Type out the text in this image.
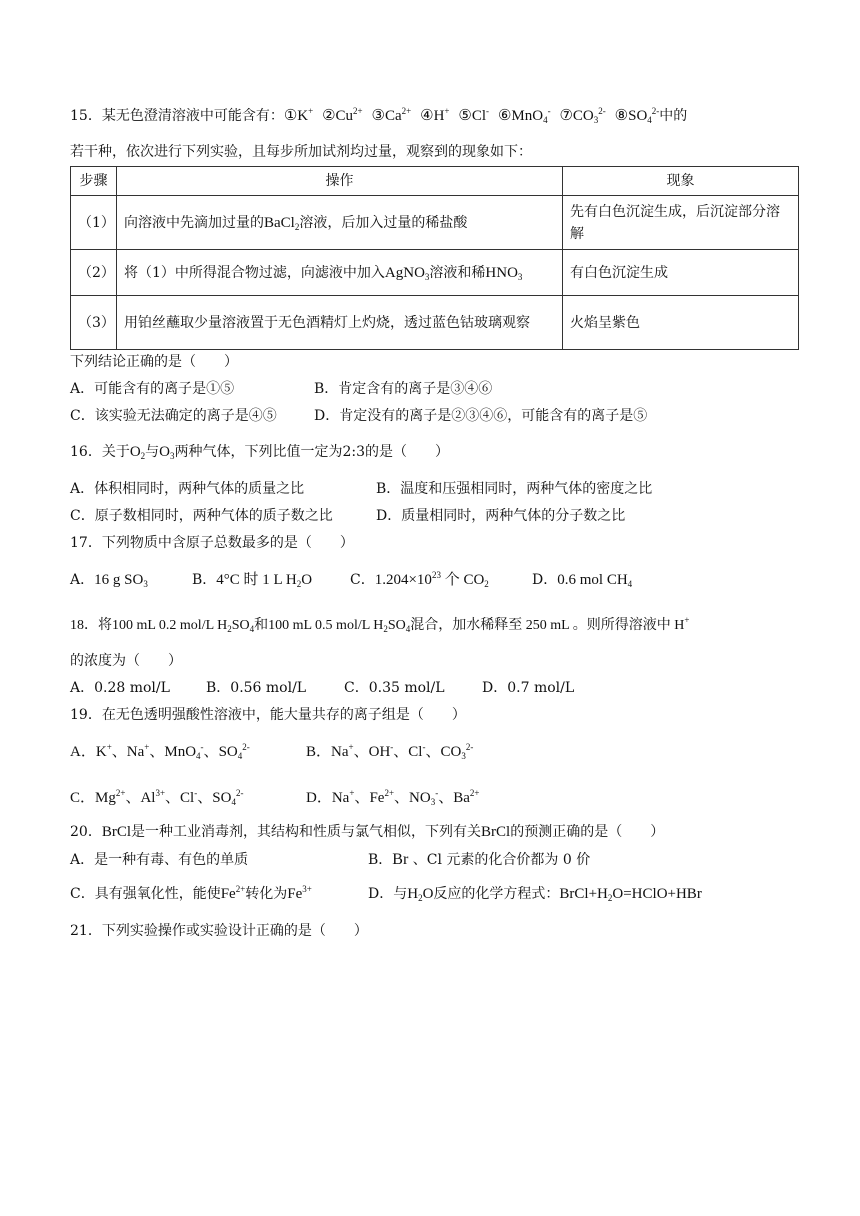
15．某无色澄清溶液中可能含有：①K+ $②Cu^{2+}$ $③Ca^{2+}$ ④H+ ⑤Cl- ⑥MnO$_4$- $⑦CO_3^{2-}$ $⑧SO_4^{2-}$中的
若干种，依次进行下列实验，且每步所加试剂均过量，观察到的现象如下：
步骤	操作	现象
（1）	向溶液中先滴加过量的BaCl$_2$溶液，后加入过量的稀盐酸	先有白色沉淀生成，后沉淀部分溶解
（2）	将（1）中所得混合物过滤，向滤液中加入AgNO$_3$溶液和稀$HNO_3$	有白色沉淀生成
（3）	用铂丝蘸取少量溶液置于无色酒精灯上灼烧，透过蓝色钴玻璃观察	火焰呈紫色
下列结论正确的是（　　）
A．可能含有的离子是①⑤	B．肯定含有的离子是③④⑥
C．该实验无法确定的离子是④⑤	D．肯定没有的离子是②③④⑥，可能含有的离子是⑤
16．关于$O_2$与$O_3$两种气体，下列比值一定为2:3的是（　　）
A．体积相同时，两种气体的质量之比	B．温度和压强相同时，两种气体的密度之比
C．原子数相同时，两种气体的质子数之比	D．质量相同时，两种气体的分子数之比
17．下列物质中含原子总数最多的是（　　）
A．16 g $SO_3$	B．4°C 时 1 L $H_2O$	C．$1.204\times 10^{23}$ 个 $CO_2$	D．0.6 mol $CH_4$
18．将100 mL 0.2 mol/L $H_2SO_4$和100 mL 0.5 mol/L $H_2SO_4$混合，加水稀释至 250 mL 。则所得溶液中 H+
的浓度为（　　）
A．0.28 mol/L	B．0.56 mol/L	C．0.35 mol/L	D．0.7 mol/L
19．在无色透明强酸性溶液中，能大量共存的离子组是（　　）
A．K+、Na+、MnO$_4$-、$SO_4^{2-}$	B．Na+、OH-、Cl-、$CO_3^{2-}$
C．$Mg^{2+}$、$Al^{3+}$、Cl-、$SO_4^{2-}$	D．Na+、$Fe^{2+}$、$NO_3^-$、$Ba^{2+}$
20．BrCl是一种工业消毒剂，其结构和性质与氯气相似，下列有关BrCl的预测正确的是（　　）
A．是一种有毒、有色的单质	B．Br 、Cl 元素的化合价都为 0 价
C．具有强氧化性，能使$Fe^{2+}$转化为$Fe^{3+}$	D．与$H_2O$反应的化学方程式：$BrCl+H_2O=HClO+HBr$
21．下列实验操作或实验设计正确的是（　　）
